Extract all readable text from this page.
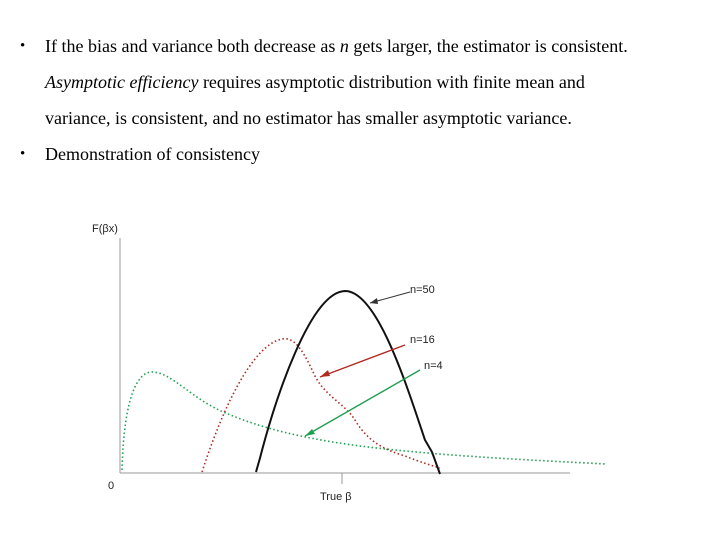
•	If the bias and variance both decrease as n gets larger, the estimator is consistent.
Asymptotic efficiency requires asymptotic distribution with finite mean and
variance, is consistent, and no estimator has smaller asymptotic variance.
•	Demonstration of consistency
F(βx)
0
True β
n=50
n=16
n=4
